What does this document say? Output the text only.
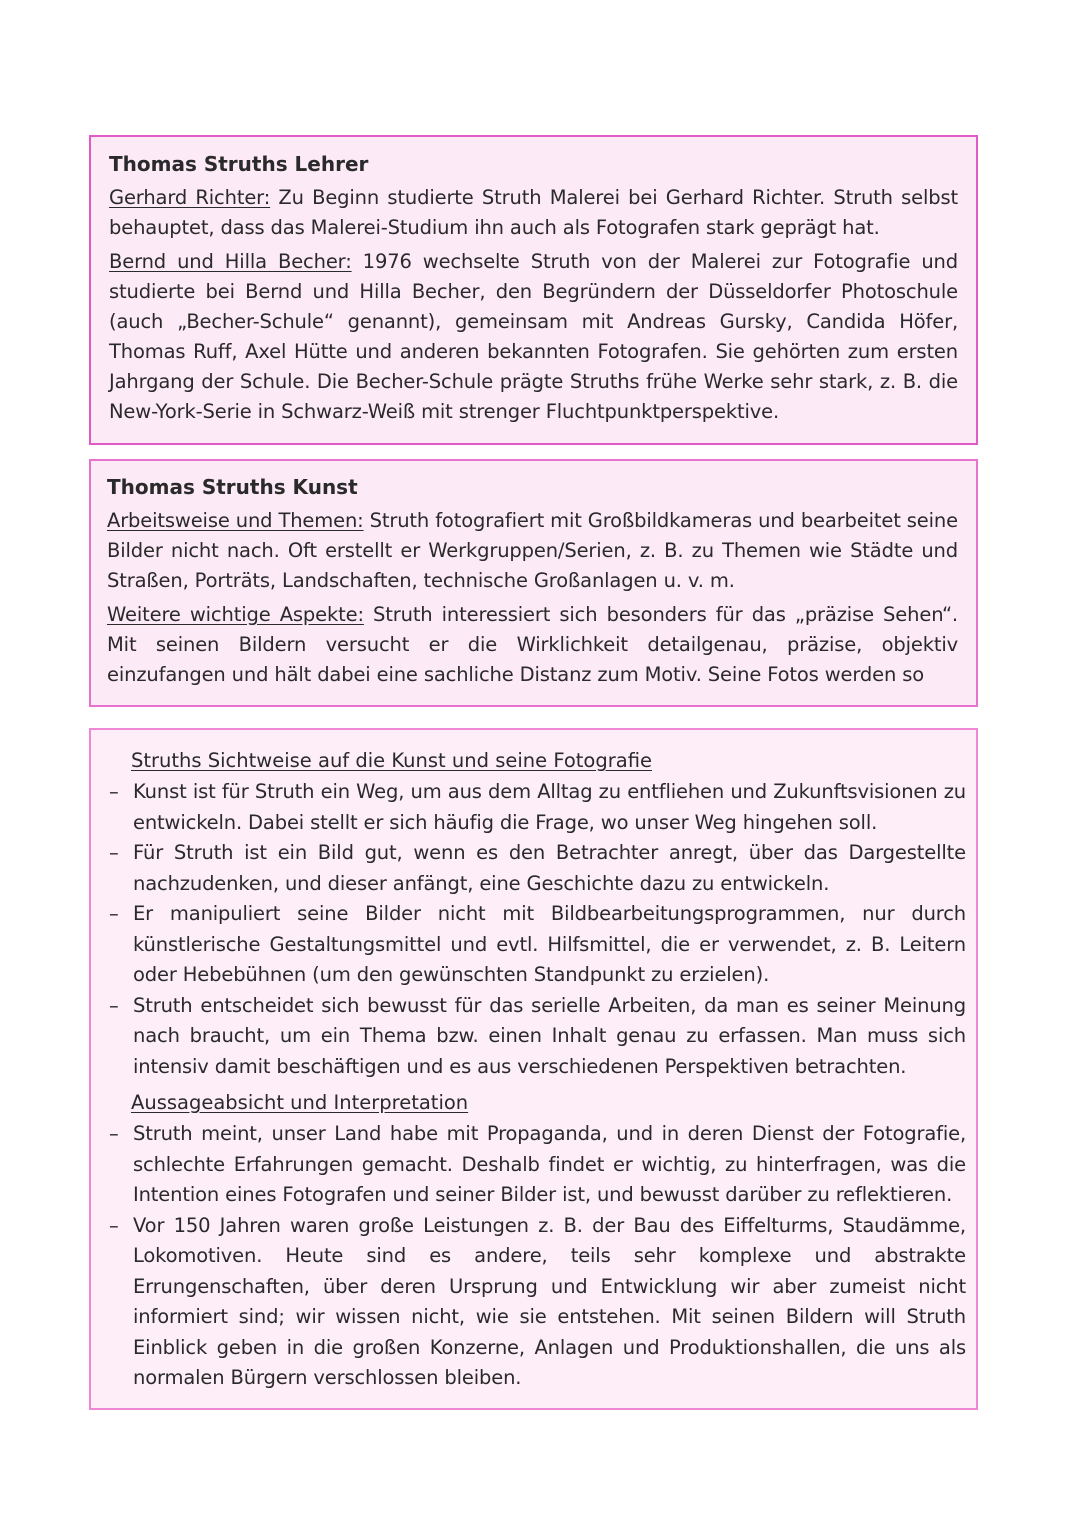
Thomas Struths Lehrer

Gerhard Richter: Zu Beginn studierte Struth Malerei bei Gerhard Richter. Struth selbst behauptet, dass das Malerei-Studium ihn auch als Fotografen stark geprägt hat.

Bernd und Hilla Becher: 1976 wechselte Struth von der Malerei zur Fotografie und studierte bei Bernd und Hilla Becher, den Begründern der Düsseldorfer Photoschule (auch „Becher-Schule“ genannt), gemeinsam mit Andreas Gursky, Candida Höfer, Thomas Ruff, Axel Hütte und anderen bekannten Fotografen. Sie gehörten zum ersten Jahrgang der Schule. Die Becher-Schule prägte Struths frühe Werke sehr stark, z. B. die New-York-Serie in Schwarz-Weiß mit strenger Fluchtpunktperspektive.

Thomas Struths Kunst

Arbeitsweise und Themen: Struth fotografiert mit Großbildkameras und bearbeitet seine Bilder nicht nach. Oft erstellt er Werkgruppen/Serien, z. B. zu Themen wie Städte und Straßen, Porträts, Landschaften, technische Großanlagen u. v. m.

Weitere wichtige Aspekte: Struth interessiert sich besonders für das „präzise Sehen“. Mit seinen Bildern versucht er die Wirklichkeit detailgenau, präzise, objektiv einzufangen und hält dabei eine sachliche Distanz zum Motiv. Seine Fotos werden so

Struths Sichtweise auf die Kunst und seine Fotografie
– Kunst ist für Struth ein Weg, um aus dem Alltag zu entfliehen und Zukunftsvisionen zu entwickeln. Dabei stellt er sich häufig die Frage, wo unser Weg hingehen soll.
– Für Struth ist ein Bild gut, wenn es den Betrachter anregt, über das Dargestellte nachzudenken, und dieser anfängt, eine Geschichte dazu zu entwickeln.
– Er manipuliert seine Bilder nicht mit Bildbearbeitungsprogrammen, nur durch künstlerische Gestaltungsmittel und evtl. Hilfsmittel, die er verwendet, z. B. Leitern oder Hebebühnen (um den gewünschten Standpunkt zu erzielen).
– Struth entscheidet sich bewusst für das serielle Arbeiten, da man es seiner Meinung nach braucht, um ein Thema bzw. einen Inhalt genau zu erfassen. Man muss sich intensiv damit beschäftigen und es aus verschiedenen Perspektiven betrachten.
Aussageabsicht und Interpretation
– Struth meint, unser Land habe mit Propaganda, und in deren Dienst der Fotografie, schlechte Erfahrungen gemacht. Deshalb findet er wichtig, zu hinterfragen, was die Intention eines Fotografen und seiner Bilder ist, und bewusst darüber zu reflektieren.
– Vor 150 Jahren waren große Leistungen z. B. der Bau des Eiffelturms, Staudämme, Lokomotiven. Heute sind es andere, teils sehr komplexe und abstrakte Errungenschaften, über deren Ursprung und Entwicklung wir aber zumeist nicht informiert sind; wir wissen nicht, wie sie entstehen. Mit seinen Bildern will Struth Einblick geben in die großen Konzerne, Anlagen und Produktionshallen, die uns als normalen Bürgern verschlossen bleiben.
